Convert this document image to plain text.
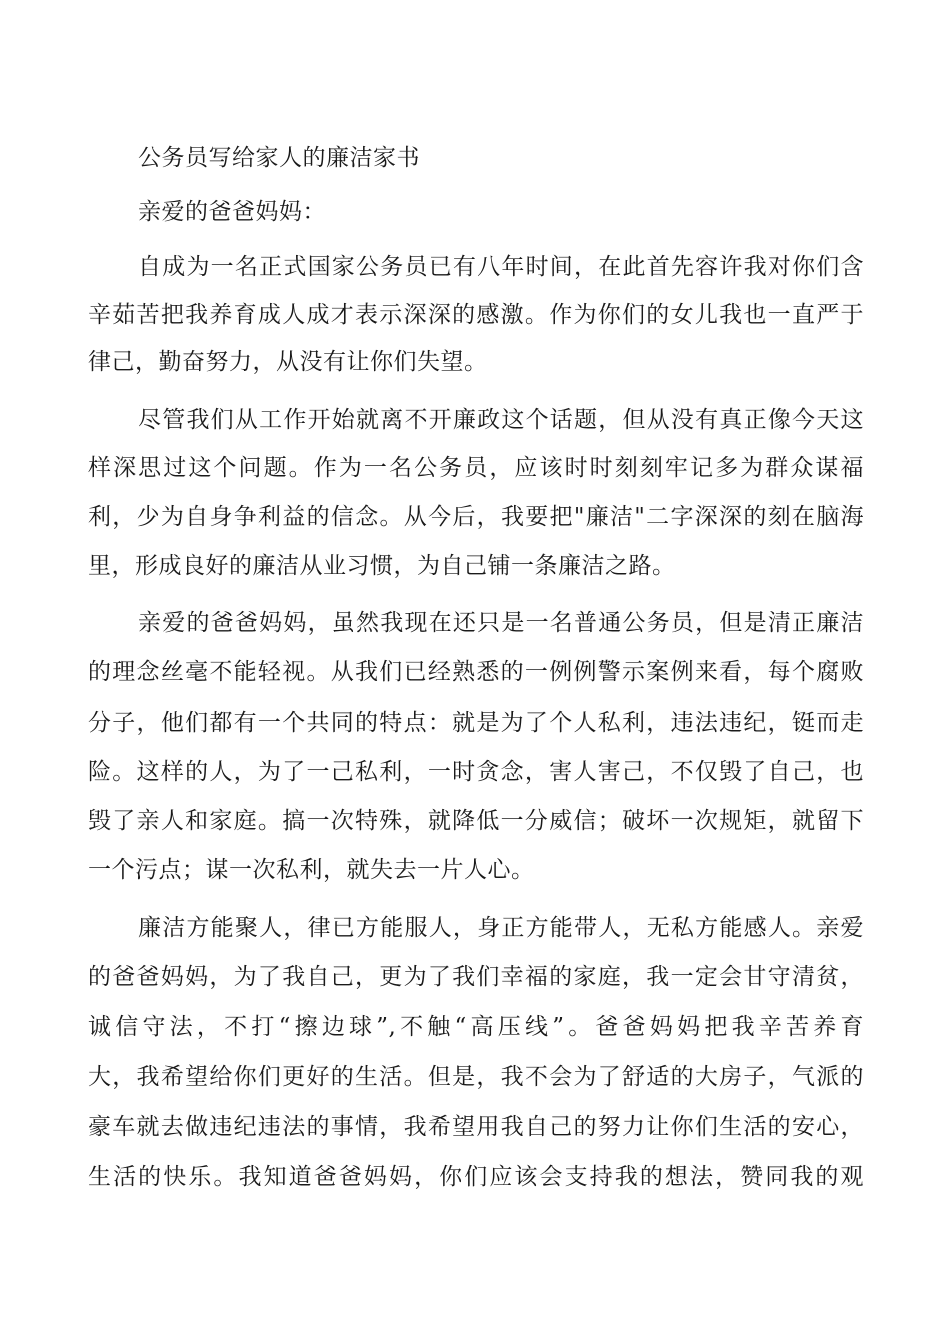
公务员写给家人的廉洁家书
亲爱的爸爸妈妈：
自成为一名正式国家公务员已有八年时间，在此首先容许我对你们含
辛茹苦把我养育成人成才表示深深的感激。作为你们的女儿我也一直严于
律己，勤奋努力，从没有让你们失望。
尽管我们从工作开始就离不开廉政这个话题，但从没有真正像今天这
样深思过这个问题。作为一名公务员，应该时时刻刻牢记多为群众谋福
利，少为自身争利益的信念。从今后，我要把"廉洁"二字深深的刻在脑海
里，形成良好的廉洁从业习惯，为自己铺一条廉洁之路。
亲爱的爸爸妈妈，虽然我现在还只是一名普通公务员，但是清正廉洁
的理念丝毫不能轻视。从我们已经熟悉的一例例警示案例来看，每个腐败
分子，他们都有一个共同的特点：就是为了个人私利，违法违纪，铤而走
险。这样的人，为了一己私利，一时贪念，害人害己，不仅毁了自己，也
毁了亲人和家庭。搞一次特殊，就降低一分威信；破坏一次规矩，就留下
一个污点；谋一次私利，就失去一片人心。
廉洁方能聚人，律已方能服人，身正方能带人，无私方能感人。亲爱
的爸爸妈妈，为了我自己，更为了我们幸福的家庭，我一定会甘守清贫，
诚信守法，不打“擦边球”,不触“高压线”。爸爸妈妈把我辛苦养育
大，我希望给你们更好的生活。但是，我不会为了舒适的大房子，气派的
豪车就去做违纪违法的事情，我希望用我自己的努力让你们生活的安心，
生活的快乐。我知道爸爸妈妈，你们应该会支持我的想法，赞同我的观
